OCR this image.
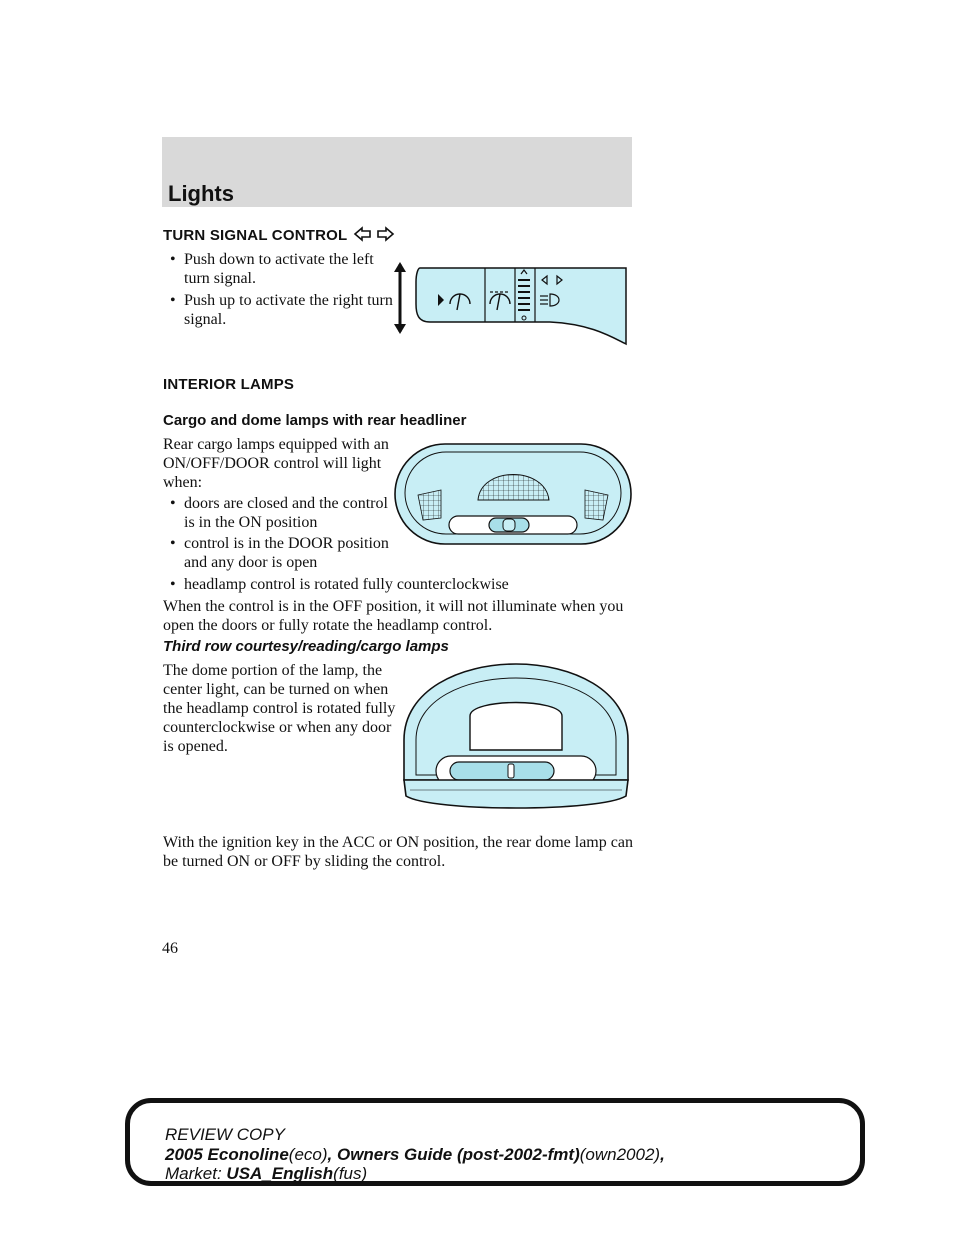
Lights
TURN SIGNAL CONTROL
• Push down to activate the left
turn signal.
• Push up to activate the right turn
signal.
INTERIOR LAMPS
Cargo and dome lamps with rear headliner
Rear cargo lamps equipped with an
ON/OFF/DOOR control will light
when:
• doors are closed and the control
is in the ON position
• control is in the DOOR position
and any door is open
• headlamp control is rotated fully counterclockwise
When the control is in the OFF position, it will not illuminate when you
open the doors or fully rotate the headlamp control.
Third row courtesy/reading/cargo lamps
The dome portion of the lamp, the
center light, can be turned on when
the headlamp control is rotated fully
counterclockwise or when any door
is opened.
With the ignition key in the ACC or ON position, the rear dome lamp can
be turned ON or OFF by sliding the control.
46
REVIEW COPY
2005 Econoline(eco), Owners Guide (post-2002-fmt)(own2002),
Market: USA_English(fus)
